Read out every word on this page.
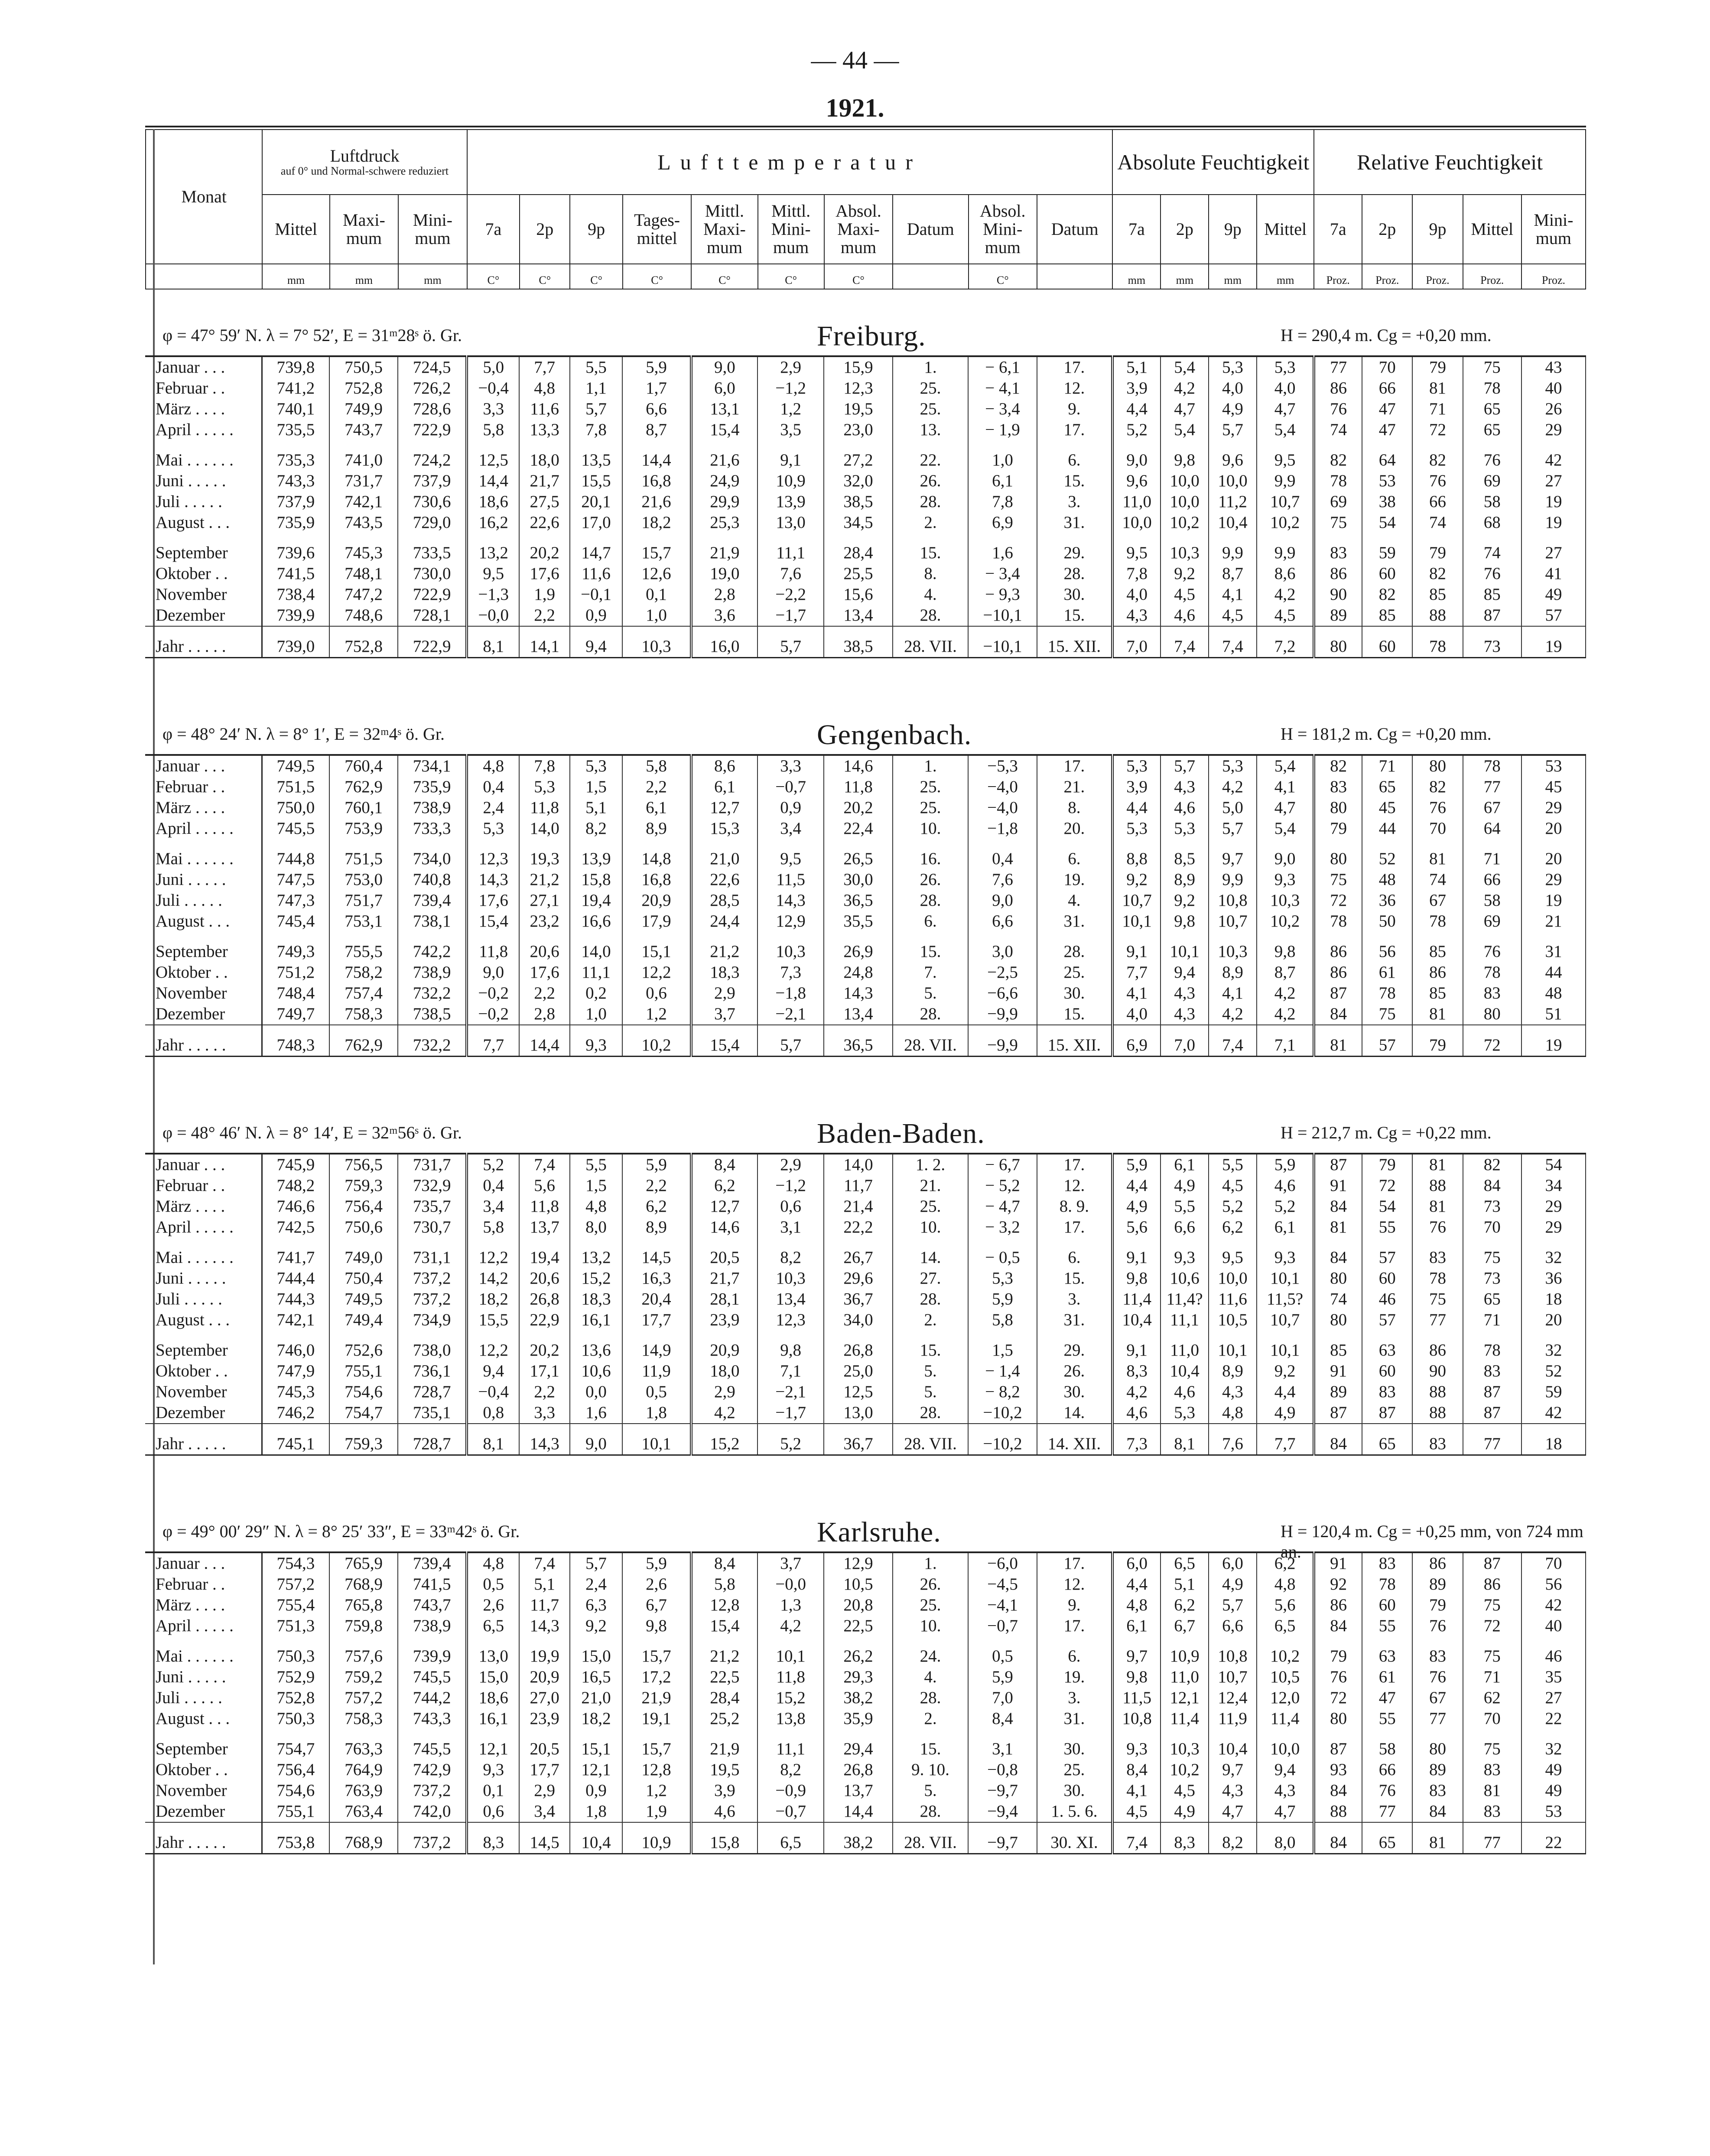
— 44 —
1921.
Monat	Luftdruck
auf 0° und Normal-schwere reduziert			Lufttemperatur										Absolute Feuchtigkeit				Relative Feuchtigkeit				
	Mittel	Maxi-mum	Mini-mum	7a	2p	9p	Tages-mittel	Mittl. Maxi-mum	Mittl. Mini-mum	Absol. Maxi-mum	Datum	Absol. Mini-mum	Datum	7a	2p	9p	Mittel	7a	2p	9p	Mittel	Mini-mum
	mm	mm	mm	C°	C°	C°	C°	C°	C°	C°		C°		mm	mm	mm	mm	Proz.	Proz.	Proz.	Proz.	Proz.
φ = 47° 59′ N. λ = 7° 52′, E = 31ᵐ28ˢ ö. Gr.	Freiburg.	H = 290,4 m. Cg = +0,20 mm.
Januar . . .	739,8	750,5	724,5	5,0	7,7	5,5	5,9	9,0	2,9	15,9	1.	− 6,1	17.	5,1	5,4	5,3	5,3	77	70	79	75	43
Februar . .	741,2	752,8	726,2	−0,4	4,8	1,1	1,7	6,0	−1,2	12,3	25.	− 4,1	12.	3,9	4,2	4,0	4,0	86	66	81	78	40
März . . . .	740,1	749,9	728,6	3,3	11,6	5,7	6,6	13,1	1,2	19,5	25.	− 3,4	9.	4,4	4,7	4,9	4,7	76	47	71	65	26
April . . . . .	735,5	743,7	722,9	5,8	13,3	7,8	8,7	15,4	3,5	23,0	13.	− 1,9	17.	5,2	5,4	5,7	5,4	74	47	72	65	29
Mai . . . . . .	735,3	741,0	724,2	12,5	18,0	13,5	14,4	21,6	9,1	27,2	22.	1,0	6.	9,0	9,8	9,6	9,5	82	64	82	76	42
Juni . . . . .	743,3	731,7	737,9	14,4	21,7	15,5	16,8	24,9	10,9	32,0	26.	6,1	15.	9,6	10,0	10,0	9,9	78	53	76	69	27
Juli . . . . .	737,9	742,1	730,6	18,6	27,5	20,1	21,6	29,9	13,9	38,5	28.	7,8	3.	11,0	10,0	11,2	10,7	69	38	66	58	19
August . . .	735,9	743,5	729,0	16,2	22,6	17,0	18,2	25,3	13,0	34,5	2.	6,9	31.	10,0	10,2	10,4	10,2	75	54	74	68	19
September	739,6	745,3	733,5	13,2	20,2	14,7	15,7	21,9	11,1	28,4	15.	1,6	29.	9,5	10,3	9,9	9,9	83	59	79	74	27
Oktober . .	741,5	748,1	730,0	9,5	17,6	11,6	12,6	19,0	7,6	25,5	8.	− 3,4	28.	7,8	9,2	8,7	8,6	86	60	82	76	41
November	738,4	747,2	722,9	−1,3	1,9	−0,1	0,1	2,8	−2,2	15,6	4.	− 9,3	30.	4,0	4,5	4,1	4,2	90	82	85	85	49
Dezember	739,9	748,6	728,1	−0,0	2,2	0,9	1,0	3,6	−1,7	13,4	28.	−10,1	15.	4,3	4,6	4,5	4,5	89	85	88	87	57
Jahr . . . . .	739,0	752,8	722,9	8,1	14,1	9,4	10,3	16,0	5,7	38,5	28. VII.	−10,1	15. XII.	7,0	7,4	7,4	7,2	80	60	78	73	19
φ = 48° 24′ N. λ = 8° 1′, E = 32ᵐ4ˢ ö. Gr.	Gengenbach.	H = 181,2 m. Cg = +0,20 mm.
Januar . . .	749,5	760,4	734,1	4,8	7,8	5,3	5,8	8,6	3,3	14,6	1.	−5,3	17.	5,3	5,7	5,3	5,4	82	71	80	78	53
Februar . .	751,5	762,9	735,9	0,4	5,3	1,5	2,2	6,1	−0,7	11,8	25.	−4,0	21.	3,9	4,3	4,2	4,1	83	65	82	77	45
März . . . .	750,0	760,1	738,9	2,4	11,8	5,1	6,1	12,7	0,9	20,2	25.	−4,0	8.	4,4	4,6	5,0	4,7	80	45	76	67	29
April . . . . .	745,5	753,9	733,3	5,3	14,0	8,2	8,9	15,3	3,4	22,4	10.	−1,8	20.	5,3	5,3	5,7	5,4	79	44	70	64	20
Mai . . . . . .	744,8	751,5	734,0	12,3	19,3	13,9	14,8	21,0	9,5	26,5	16.	0,4	6.	8,8	8,5	9,7	9,0	80	52	81	71	20
Juni . . . . .	747,5	753,0	740,8	14,3	21,2	15,8	16,8	22,6	11,5	30,0	26.	7,6	19.	9,2	8,9	9,9	9,3	75	48	74	66	29
Juli . . . . .	747,3	751,7	739,4	17,6	27,1	19,4	20,9	28,5	14,3	36,5	28.	9,0	4.	10,7	9,2	10,8	10,3	72	36	67	58	19
August . . .	745,4	753,1	738,1	15,4	23,2	16,6	17,9	24,4	12,9	35,5	6.	6,6	31.	10,1	9,8	10,7	10,2	78	50	78	69	21
September	749,3	755,5	742,2	11,8	20,6	14,0	15,1	21,2	10,3	26,9	15.	3,0	28.	9,1	10,1	10,3	9,8	86	56	85	76	31
Oktober . .	751,2	758,2	738,9	9,0	17,6	11,1	12,2	18,3	7,3	24,8	7.	−2,5	25.	7,7	9,4	8,9	8,7	86	61	86	78	44
November	748,4	757,4	732,2	−0,2	2,2	0,2	0,6	2,9	−1,8	14,3	5.	−6,6	30.	4,1	4,3	4,1	4,2	87	78	85	83	48
Dezember	749,7	758,3	738,5	−0,2	2,8	1,0	1,2	3,7	−2,1	13,4	28.	−9,9	15.	4,0	4,3	4,2	4,2	84	75	81	80	51
Jahr . . . . .	748,3	762,9	732,2	7,7	14,4	9,3	10,2	15,4	5,7	36,5	28. VII.	−9,9	15. XII.	6,9	7,0	7,4	7,1	81	57	79	72	19
φ = 48° 46′ N. λ = 8° 14′, E = 32ᵐ56ˢ ö. Gr.	Baden-Baden.	H = 212,7 m. Cg = +0,22 mm.
Januar . . .	745,9	756,5	731,7	5,2	7,4	5,5	5,9	8,4	2,9	14,0	1. 2.	− 6,7	17.	5,9	6,1	5,5	5,9	87	79	81	82	54
Februar . .	748,2	759,3	732,9	0,4	5,6	1,5	2,2	6,2	−1,2	11,7	21.	− 5,2	12.	4,4	4,9	4,5	4,6	91	72	88	84	34
März . . . .	746,6	756,4	735,7	3,4	11,8	4,8	6,2	12,7	0,6	21,4	25.	− 4,7	8. 9.	4,9	5,5	5,2	5,2	84	54	81	73	29
April . . . . .	742,5	750,6	730,7	5,8	13,7	8,0	8,9	14,6	3,1	22,2	10.	− 3,2	17.	5,6	6,6	6,2	6,1	81	55	76	70	29
Mai . . . . . .	741,7	749,0	731,1	12,2	19,4	13,2	14,5	20,5	8,2	26,7	14.	− 0,5	6.	9,1	9,3	9,5	9,3	84	57	83	75	32
Juni . . . . .	744,4	750,4	737,2	14,2	20,6	15,2	16,3	21,7	10,3	29,6	27.	5,3	15.	9,8	10,6	10,0	10,1	80	60	78	73	36
Juli . . . . .	744,3	749,5	737,2	18,2	26,8	18,3	20,4	28,1	13,4	36,7	28.	5,9	3.	11,4	11,4?	11,6	11,5?	74	46	75	65	18
August . . .	742,1	749,4	734,9	15,5	22,9	16,1	17,7	23,9	12,3	34,0	2.	5,8	31.	10,4	11,1	10,5	10,7	80	57	77	71	20
September	746,0	752,6	738,0	12,2	20,2	13,6	14,9	20,9	9,8	26,8	15.	1,5	29.	9,1	11,0	10,1	10,1	85	63	86	78	32
Oktober . .	747,9	755,1	736,1	9,4	17,1	10,6	11,9	18,0	7,1	25,0	5.	− 1,4	26.	8,3	10,4	8,9	9,2	91	60	90	83	52
November	745,3	754,6	728,7	−0,4	2,2	0,0	0,5	2,9	−2,1	12,5	5.	− 8,2	30.	4,2	4,6	4,3	4,4	89	83	88	87	59
Dezember	746,2	754,7	735,1	0,8	3,3	1,6	1,8	4,2	−1,7	13,0	28.	−10,2	14.	4,6	5,3	4,8	4,9	87	87	88	87	42
Jahr . . . . .	745,1	759,3	728,7	8,1	14,3	9,0	10,1	15,2	5,2	36,7	28. VII.	−10,2	14. XII.	7,3	8,1	7,6	7,7	84	65	83	77	18
φ = 49° 00′ 29″ N. λ = 8° 25′ 33″, E = 33ᵐ42ˢ ö. Gr.	Karlsruhe.	H = 120,4 m. Cg = +0,25 mm, von 724 mm an.
Januar . . .	754,3	765,9	739,4	4,8	7,4	5,7	5,9	8,4	3,7	12,9	1.	−6,0	17.	6,0	6,5	6,0	6,2	91	83	86	87	70
Februar . .	757,2	768,9	741,5	0,5	5,1	2,4	2,6	5,8	−0,0	10,5	26.	−4,5	12.	4,4	5,1	4,9	4,8	92	78	89	86	56
März . . . .	755,4	765,8	743,7	2,6	11,7	6,3	6,7	12,8	1,3	20,8	25.	−4,1	9.	4,8	6,2	5,7	5,6	86	60	79	75	42
April . . . . .	751,3	759,8	738,9	6,5	14,3	9,2	9,8	15,4	4,2	22,5	10.	−0,7	17.	6,1	6,7	6,6	6,5	84	55	76	72	40
Mai . . . . . .	750,3	757,6	739,9	13,0	19,9	15,0	15,7	21,2	10,1	26,2	24.	0,5	6.	9,7	10,9	10,8	10,2	79	63	83	75	46
Juni . . . . .	752,9	759,2	745,5	15,0	20,9	16,5	17,2	22,5	11,8	29,3	4.	5,9	19.	9,8	11,0	10,7	10,5	76	61	76	71	35
Juli . . . . .	752,8	757,2	744,2	18,6	27,0	21,0	21,9	28,4	15,2	38,2	28.	7,0	3.	11,5	12,1	12,4	12,0	72	47	67	62	27
August . . .	750,3	758,3	743,3	16,1	23,9	18,2	19,1	25,2	13,8	35,9	2.	8,4	31.	10,8	11,4	11,9	11,4	80	55	77	70	22
September	754,7	763,3	745,5	12,1	20,5	15,1	15,7	21,9	11,1	29,4	15.	3,1	30.	9,3	10,3	10,4	10,0	87	58	80	75	32
Oktober . .	756,4	764,9	742,9	9,3	17,7	12,1	12,8	19,5	8,2	26,8	9. 10.	−0,8	25.	8,4	10,2	9,7	9,4	93	66	89	83	49
November	754,6	763,9	737,2	0,1	2,9	0,9	1,2	3,9	−0,9	13,7	5.	−9,7	30.	4,1	4,5	4,3	4,3	84	76	83	81	49
Dezember	755,1	763,4	742,0	0,6	3,4	1,8	1,9	4,6	−0,7	14,4	28.	−9,4	1. 5. 6.	4,5	4,9	4,7	4,7	88	77	84	83	53
Jahr . . . . .	753,8	768,9	737,2	8,3	14,5	10,4	10,9	15,8	6,5	38,2	28. VII.	−9,7	30. XI.	7,4	8,3	8,2	8,0	84	65	81	77	22
